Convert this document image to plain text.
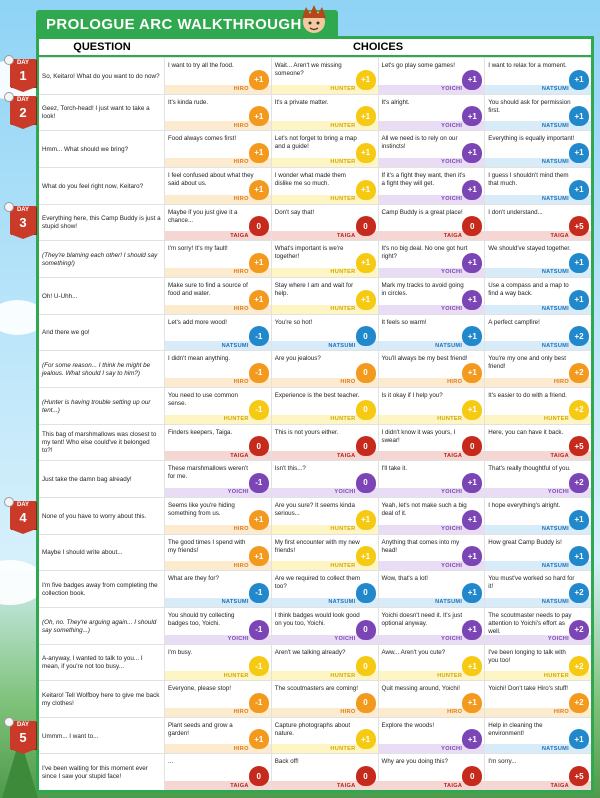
PROLOGUE ARC WALKTHROUGH
QUESTION	CHOICES
So, Keitaro! What do you want to do now?
I want to try all the food.
HIRO
+1
Wait... Aren't we missing someone?
HUNTER
+1
Let's go play some games!
YOICHI
+1
I want to relax for a moment.
NATSUMI
+1
Geez, Torch-head! I just want to take a look!
It's kinda rude.
HIRO
+1
It's a private matter.
HUNTER
+1
It's alright.
YOICHI
+1
You should ask for permission first.
NATSUMI
+1
Hmm... What should we bring?
Food always comes first!
HIRO
+1
Let's not forget to bring a map and a guide!
HUNTER
+1
All we need is to rely on our instincts!
YOICHI
+1
Everything is equally important!
NATSUMI
+1
What do you feel right now, Keitaro?
I feel confused about what they said about us.
HIRO
+1
I wonder what made them dislike me so much.
HUNTER
+1
If it's a fight they want, then it's a fight they will get.
YOICHI
+1
I guess I shouldn't mind them that much.
NATSUMI
+1
Everything here, this Camp Buddy is just a stupid show!
Maybe if you just give it a chance...
TAIGA
0
Don't say that!
TAIGA
0
Camp Buddy is a great place!
TAIGA
0
I don't understand...
TAIGA
+5
(They're blaming each other! I should say something!)
I'm sorry! It's my fault!
HIRO
+1
What's important is we're together!
HUNTER
+1
It's no big deal. No one got hurt right?
YOICHI
+1
We should've stayed together.
NATSUMI
+1
Oh! U-Uhh...
Make sure to find a source of food and water.
HIRO
+1
Stay where I am and wait for help.
HUNTER
+1
Mark my tracks to avoid going in circles.
YOICHI
+1
Use a compass and a map to find a way back.
NATSUMI
+1
And there we go!
Let's add more wood!
NATSUMI
-1
You're so hot!
NATSUMI
0
It feels so warm!
NATSUMI
+1
A perfect campfire!
NATSUMI
+2
(For some reason... I think he might be jealous. What should I say to him?)
I didn't mean anything.
HIRO
-1
Are you jealous?
HIRO
0
You'll always be my best friend!
HIRO
+1
You're my one and only best friend!
HIRO
+2
(Hunter is having trouble setting up our tent...)
You need to use common sense.
HUNTER
-1
Experience is the best teacher.
HUNTER
0
Is it okay if I help you?
HUNTER
+1
It's easier to do with a friend.
HUNTER
+2
This bag of marshmallows was closest to my tent! Who else could've it belonged to?!
Finders keepers, Taiga.
TAIGA
0
This is not yours either.
TAIGA
0
I didn't know it was yours, I swear!
TAIGA
0
Here, you can have it back.
TAIGA
+5
Just take the damn bag already!
These marshmallows weren't for me.
YOICHI
-1
Isn't this...?
YOICHI
0
I'll take it.
YOICHI
+1
That's really thoughtful of you.
YOICHI
+2
None of you have to worry about this.
Seems like you're hiding something from us.
HIRO
+1
Are you sure? It seems kinda serious...
HUNTER
+1
Yeah, let's not make such a big deal of it.
YOICHI
+1
I hope everything's alright.
NATSUMI
+1
Maybe I should write about...
The good times I spend with my friends!
HIRO
+1
My first encounter with my new friends!
HUNTER
+1
Anything that comes into my head!
YOICHI
+1
How great Camp Buddy is!
NATSUMI
+1
I'm five badges away from completing the collection book.
What are they for?
NATSUMI
-1
Are we required to collect them too?
NATSUMI
0
Wow, that's a lot!
NATSUMI
+1
You must've worked so hard for it!
NATSUMI
+2
(Oh, no. They're arguing again... I should say something...)
You should try collecting badges too, Yoichi.
YOICHI
-1
I think badges would look good on you too, Yoichi.
YOICHI
0
Yoichi doesn't need it. It's just optional anyway.
YOICHI
+1
The scoutmaster needs to pay attention to Yoichi's effort as well.
YOICHI
+2
A-anyway, I wanted to talk to you... I mean, if you're not too busy...
I'm busy.
HUNTER
-1
Aren't we talking already?
HUNTER
0
Aww... Aren't you cute?
HUNTER
+1
I've been longing to talk with you too!
HUNTER
+2
Keitaro! Tell Wolfboy here to give me back my clothes!
Everyone, please stop!
HIRO
-1
The scoutmasters are coming!
HIRO
0
Quit messing around, Yoichi!
HIRO
+1
Yoichi! Don't take Hiro's stuff!
HIRO
+2
Ummm... I want to...
Plant seeds and grow a garden!
HIRO
+1
Capture photographs about nature.
HUNTER
+1
Explore the woods!
YOICHI
+1
Help in cleaning the environment!
NATSUMI
+1
I've been waiting for this moment ever since I saw your stupid face!
...
TAIGA
0
Back off!
TAIGA
0
Why are you doing this?
TAIGA
0
I'm sorry...
TAIGA
+5
DAY
1
DAY
2
DAY
3
DAY
4
DAY
5
